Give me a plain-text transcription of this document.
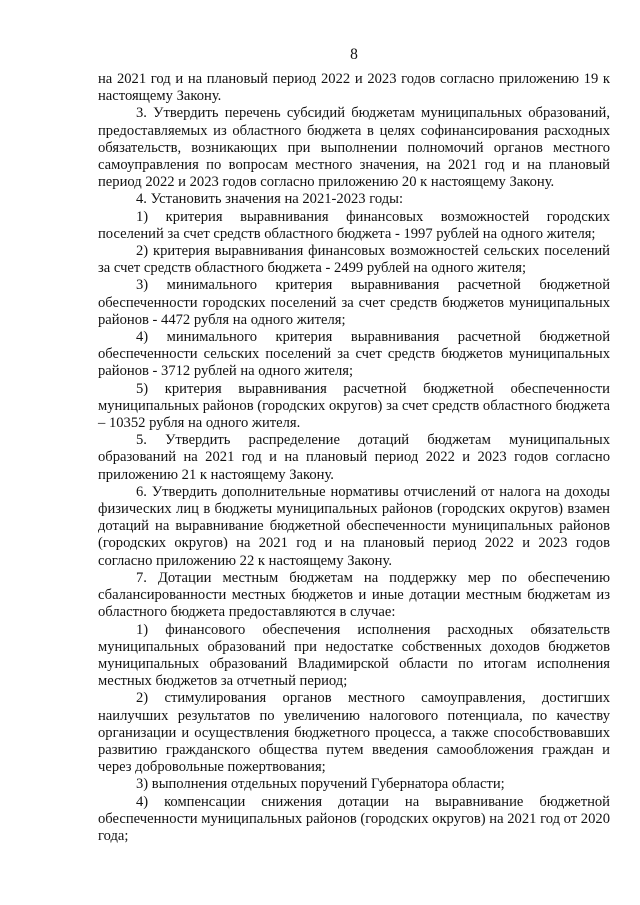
8

на 2021 год и на плановый период 2022 и 2023 годов согласно приложению 19 к настоящему Закону.

3. Утвердить перечень субсидий бюджетам муниципальных образований, предоставляемых из областного бюджета в целях софинансирования расходных обязательств, возникающих при выполнении полномочий органов местного самоуправления по вопросам местного значения, на 2021 год и на плановый период 2022 и 2023 годов согласно приложению 20 к настоящему Закону.

4. Установить значения на 2021-2023 годы:

1) критерия выравнивания финансовых возможностей городских поселений за счет средств областного бюджета - 1997 рублей на одного жителя;

2) критерия выравнивания финансовых возможностей сельских поселений за счет средств областного бюджета - 2499 рублей на одного жителя;

3) минимального критерия выравнивания расчетной бюджетной обеспеченности городских поселений за счет средств бюджетов муниципальных районов - 4472 рубля на одного жителя;

4) минимального критерия выравнивания расчетной бюджетной обеспеченности сельских поселений за счет средств бюджетов муниципальных районов - 3712 рублей на одного жителя;

5) критерия выравнивания расчетной бюджетной обеспеченности муниципальных районов (городских округов) за счет средств областного бюджета – 10352 рубля на одного жителя.

5. Утвердить распределение дотаций бюджетам муниципальных образований на 2021 год и на плановый период 2022 и 2023 годов согласно приложению 21 к настоящему Закону.

6. Утвердить дополнительные нормативы отчислений от налога на доходы физических лиц в бюджеты муниципальных районов (городских округов) взамен дотаций на выравнивание бюджетной обеспеченности муниципальных районов (городских округов) на 2021 год и на плановый период 2022 и 2023 годов согласно приложению 22 к настоящему Закону.

7. Дотации местным бюджетам на поддержку мер по обеспечению сбалансированности местных бюджетов и иные дотации местным бюджетам из областного бюджета предоставляются в случае:

1) финансового обеспечения исполнения расходных обязательств муниципальных образований при недостатке собственных доходов бюджетов муниципальных образований Владимирской области по итогам исполнения местных бюджетов за отчетный период;

2) стимулирования органов местного самоуправления, достигших наилучших результатов по увеличению налогового потенциала, по качеству организации и осуществления бюджетного процесса, а также способствовавших развитию гражданского общества путем введения самообложения граждан и через добровольные пожертвования;

3) выполнения отдельных поручений Губернатора области;

4) компенсации снижения дотации на выравнивание бюджетной обеспеченности муниципальных районов (городских округов) на 2021 год от 2020 года;
